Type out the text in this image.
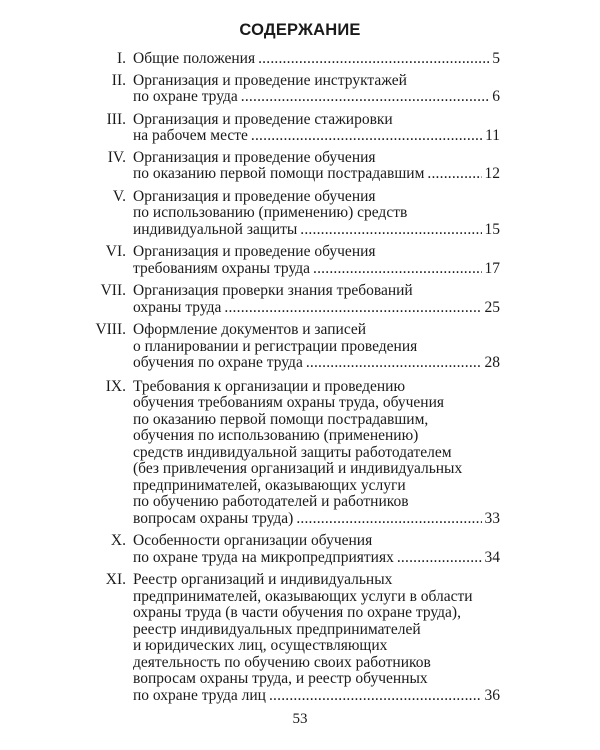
СОДЕРЖАНИЕ
I. Общие положения .....	5
II. Организация и проведение инструктажей
по охране труда .....	6
III. Организация и проведение стажировки
на рабочем месте .....	11
IV. Организация и проведение обучения
по оказанию первой помощи пострадавшим .....	12
V. Организация и проведение обучения
по использованию (применению) средств
индивидуальной защиты .....	15
VI. Организация и проведение обучения
требованиям охраны труда .....	17
VII. Организация проверки знания требований
охраны труда .....	25
VIII. Оформление документов и записей
о планировании и регистрации проведения
обучения по охране труда .....	28
IX. Требования к организации и проведению
обучения требованиям охраны труда, обучения
по оказанию первой помощи пострадавшим,
обучения по использованию (применению)
средств индивидуальной защиты работодателем
(без привлечения организаций и индивидуальных
предпринимателей, оказывающих услуги
по обучению работодателей и работников
вопросам охраны труда) .....	33
X. Особенности организации обучения
по охране труда на микропредприятиях .....	34
XI. Реестр организаций и индивидуальных
предпринимателей, оказывающих услуги в области
охраны труда (в части обучения по охране труда),
реестр индивидуальных предпринимателей
и юридических лиц, осуществляющих
деятельность по обучению своих работников
вопросам охраны труда, и реестр обученных
по охране труда лиц .....	36
53
